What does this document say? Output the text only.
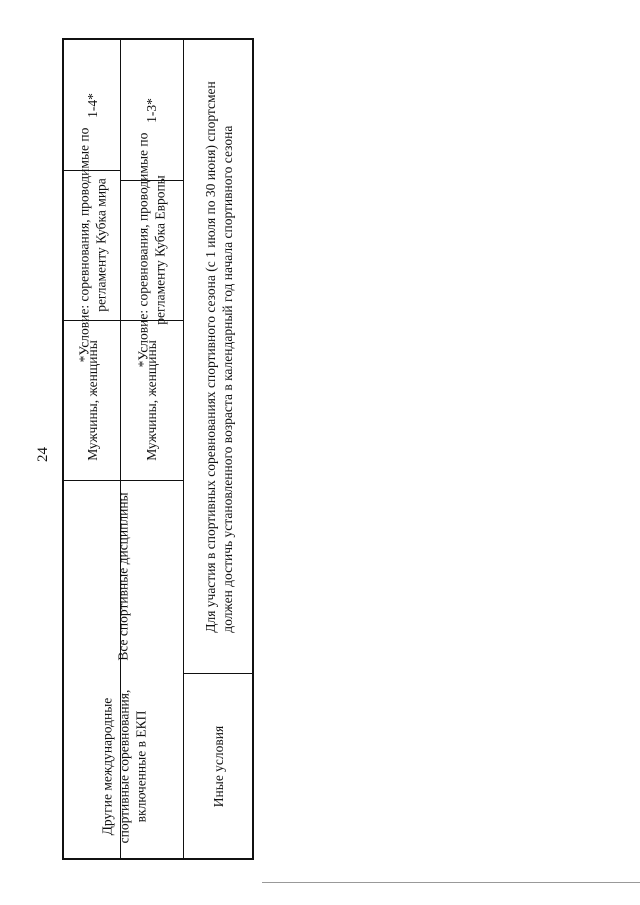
24
1-4*
*Условие: соревнования, проводимые по регламенту Кубка мира
1-3*
*Условие: соревнования, проводимые по регламенту Кубка Европы
Мужчины, женщины	Мужчины, женщины
Все спортивные дисциплины
Другие международные спортивные соревнования, включенные в ЕКП	Иные условия
Для участия в спортивных соревнованиях спортивного сезона (с 1 июля по 30 июня) спортсмен должен достичь установленного возраста в календарный год начала спортивного сезона
